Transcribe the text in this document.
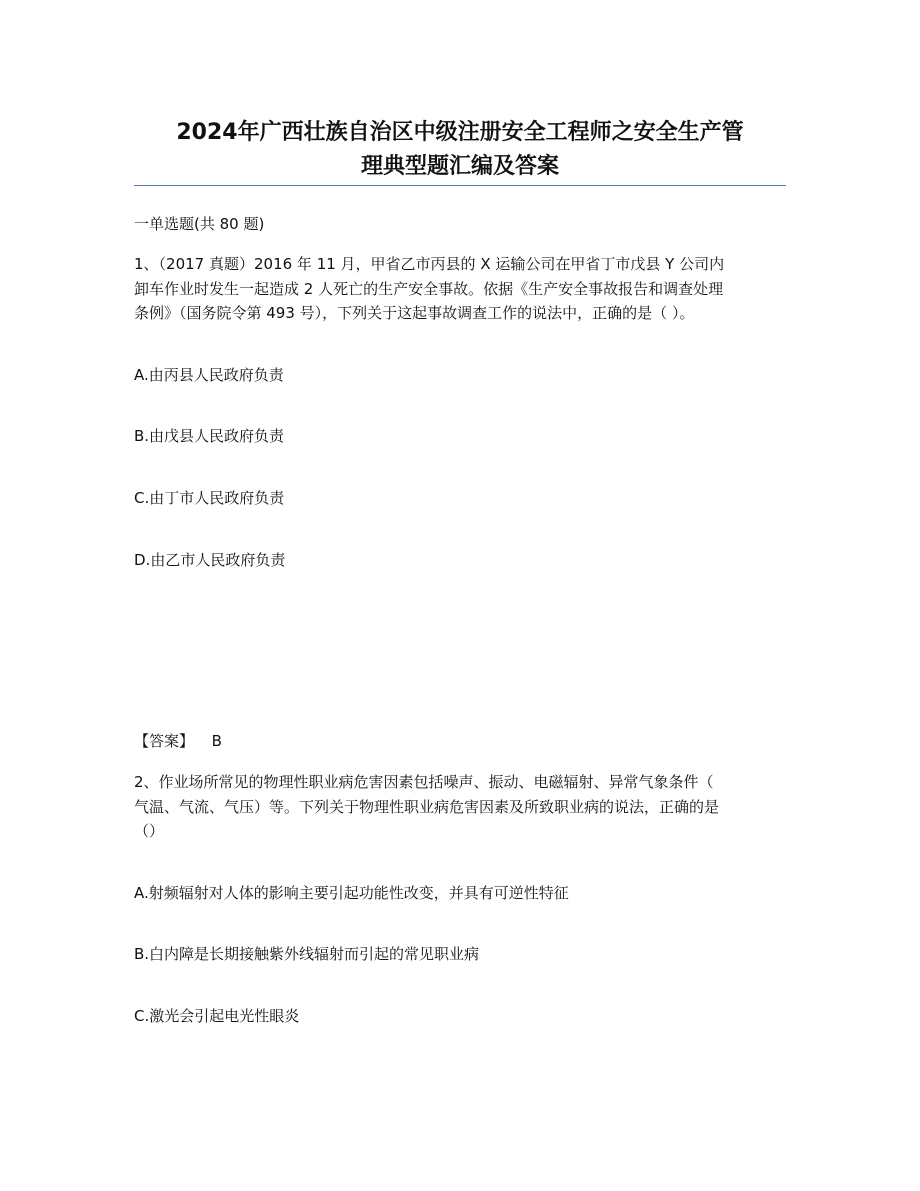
2024年广西壮族自治区中级注册安全工程师之安全生产管
理典型题汇编及答案
一单选题(共 80 题)
1、（2017 真题）2016 年 11 月，甲省乙市丙县的 X 运输公司在甲省丁市戊县 Y 公司内
卸车作业时发生一起造成 2 人死亡的生产安全事故。依据《生产安全事故报告和调查处理
条例》（国务院令第 493 号），下列关于这起事故调查工作的说法中，正确的是（ ）。
A.由丙县人民政府负责
B.由戊县人民政府负责
C.由丁市人民政府负责
D.由乙市人民政府负责
【答案】 B
2、作业场所常见的物理性职业病危害因素包括噪声、振动、电磁辐射、异常气象条件（
气温、气流、气压）等。下列关于物理性职业病危害因素及所致职业病的说法，正确的是
（）
A.射频辐射对人体的影响主要引起功能性改变，并具有可逆性特征
B.白内障是长期接触紫外线辐射而引起的常见职业病
C.激光会引起电光性眼炎
